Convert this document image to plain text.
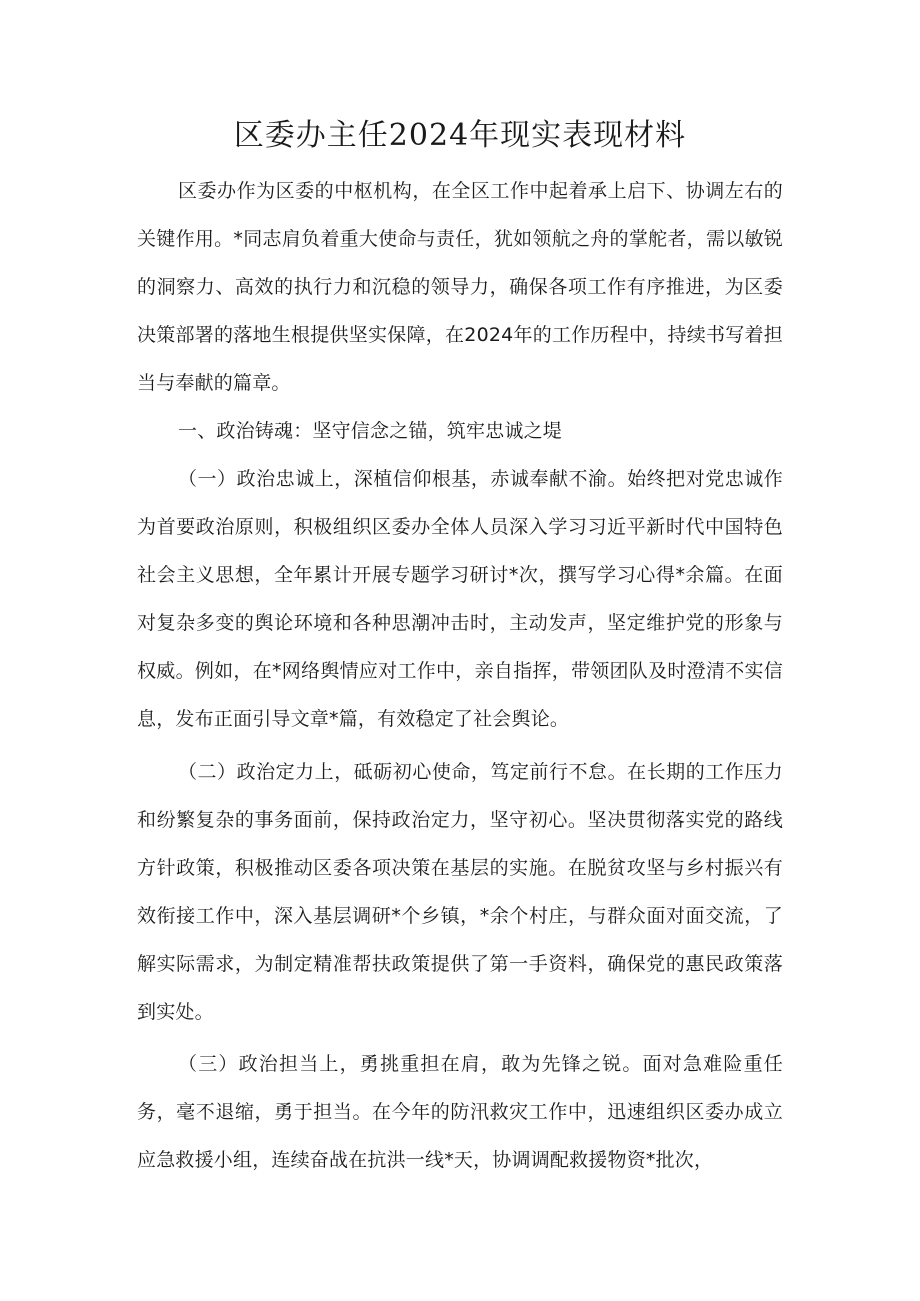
区委办主任2024年现实表现材料

区委办作为区委的中枢机构，在全区工作中起着承上启下、协调左右的关键作用。*同志肩负着重大使命与责任，犹如领航之舟的掌舵者，需以敏锐的洞察力、高效的执行力和沉稳的领导力，确保各项工作有序推进，为区委决策部署的落地生根提供坚实保障，在2024年的工作历程中，持续书写着担当与奉献的篇章。

一、政治铸魂：坚守信念之锚，筑牢忠诚之堤

（一）政治忠诚上，深植信仰根基，赤诚奉献不渝。始终把对党忠诚作为首要政治原则，积极组织区委办全体人员深入学习习近平新时代中国特色社会主义思想，全年累计开展专题学习研讨*次，撰写学习心得*余篇。在面对复杂多变的舆论环境和各种思潮冲击时，主动发声，坚定维护党的形象与权威。例如，在*网络舆情应对工作中，亲自指挥，带领团队及时澄清不实信息，发布正面引导文章*篇，有效稳定了社会舆论。

（二）政治定力上，砥砺初心使命，笃定前行不怠。在长期的工作压力和纷繁复杂的事务面前，保持政治定力，坚守初心。坚决贯彻落实党的路线方针政策，积极推动区委各项决策在基层的实施。在脱贫攻坚与乡村振兴有效衔接工作中，深入基层调研*个乡镇，*余个村庄，与群众面对面交流，了解实际需求，为制定精准帮扶政策提供了第一手资料，确保党的惠民政策落到实处。

（三）政治担当上，勇挑重担在肩，敢为先锋之锐。面对急难险重任务，毫不退缩，勇于担当。在今年的防汛救灾工作中，迅速组织区委办成立应急救援小组，连续奋战在抗洪一线*天，协调调配救援物资*批次，
